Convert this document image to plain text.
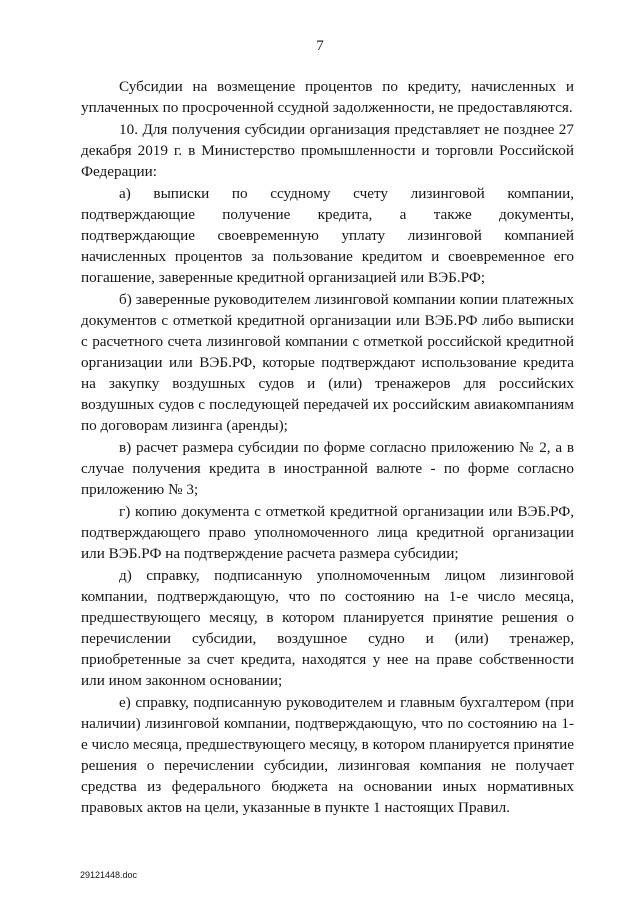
7

Субсидии на возмещение процентов по кредиту, начисленных и уплаченных по просроченной ссудной задолженности, не предоставляются.

10. Для получения субсидии организация представляет не позднее 27 декабря 2019 г. в Министерство промышленности и торговли Российской Федерации:

а) выписки по ссудному счету лизинговой компании, подтверждающие получение кредита, а также документы, подтверждающие своевременную уплату лизинговой компанией начисленных процентов за пользование кредитом и своевременное его погашение, заверенные кредитной организацией или ВЭБ.РФ;

б) заверенные руководителем лизинговой компании копии платежных документов с отметкой кредитной организации или ВЭБ.РФ либо выписки с расчетного счета лизинговой компании с отметкой российской кредитной организации или ВЭБ.РФ, которые подтверждают использование кредита на закупку воздушных судов и (или) тренажеров для российских воздушных судов с последующей передачей их российским авиакомпаниям по договорам лизинга (аренды);

в) расчет размера субсидии по форме согласно приложению № 2, а в случае получения кредита в иностранной валюте - по форме согласно приложению № 3;

г) копию документа с отметкой кредитной организации или ВЭБ.РФ, подтверждающего право уполномоченного лица кредитной организации или ВЭБ.РФ на подтверждение расчета размера субсидии;

д) справку, подписанную уполномоченным лицом лизинговой компании, подтверждающую, что по состоянию на 1-е число месяца, предшествующего месяцу, в котором планируется принятие решения о перечислении субсидии, воздушное судно и (или) тренажер, приобретенные за счет кредита, находятся у нее на праве собственности или ином законном основании;

е) справку, подписанную руководителем и главным бухгалтером (при наличии) лизинговой компании, подтверждающую, что по состоянию на 1-е число месяца, предшествующего месяцу, в котором планируется принятие решения о перечислении субсидии, лизинговая компания не получает средства из федерального бюджета на основании иных нормативных правовых актов на цели, указанные в пункте 1 настоящих Правил.

29121448.doc
